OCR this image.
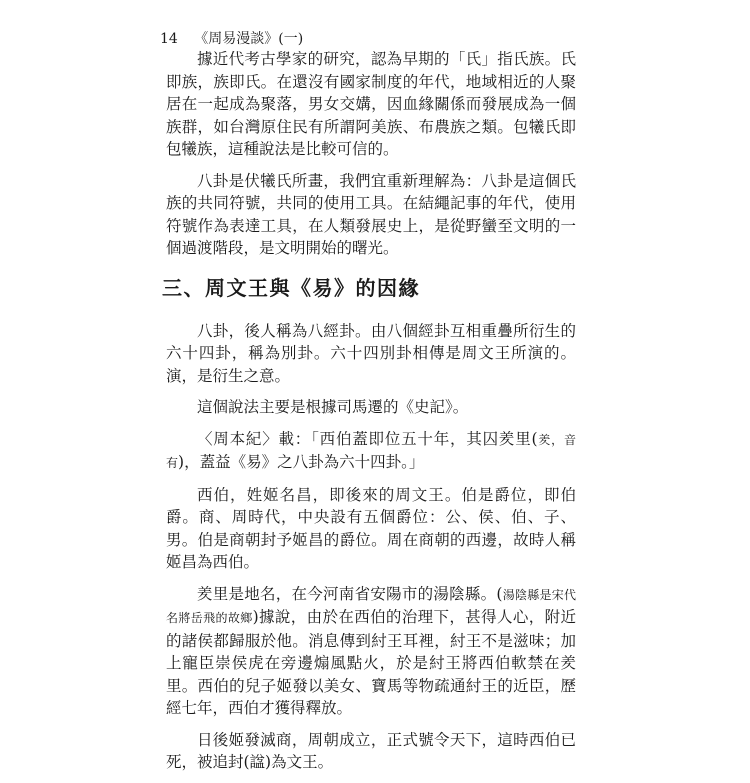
14 《周易漫談》(一)

據近代考古學家的研究，認為早期的「氏」指氏族。氏即族，族即氏。在還沒有國家制度的年代，地域相近的人聚居在一起成為聚落，男女交媾，因血緣關係而發展成為一個族群，如台灣原住民有所謂阿美族、布農族之類。包犧氏即包犧族，這種說法是比較可信的。

八卦是伏犧氏所畫，我們宜重新理解為：八卦是這個氏族的共同符號，共同的使用工具。在結繩記事的年代，使用符號作為表達工具，在人類發展史上，是從野蠻至文明的一個過渡階段，是文明開始的曙光。

三、周文王與《易》的因緣

八卦，後人稱為八經卦。由八個經卦互相重疊所衍生的六十四卦，稱為別卦。六十四別卦相傳是周文王所演的。演，是衍生之意。

這個說法主要是根據司馬遷的《史記》。

〈周本紀〉載：「西伯蓋即位五十年，其囚羑里(羑，音有)，蓋益《易》之八卦為六十四卦。」

西伯，姓姬名昌，即後來的周文王。伯是爵位，即伯爵。商、周時代，中央設有五個爵位：公、侯、伯、子、男。伯是商朝封予姬昌的爵位。周在商朝的西邊，故時人稱姬昌為西伯。

羑里是地名，在今河南省安陽市的湯陰縣。(湯陰縣是宋代名將岳飛的故鄉)據說，由於在西伯的治理下，甚得人心，附近的諸侯都歸服於他。消息傳到紂王耳裡，紂王不是滋味；加上寵臣崇侯虎在旁邊煽風點火，於是紂王將西伯軟禁在羑里。西伯的兒子姬發以美女、寶馬等物疏通紂王的近臣，歷經七年，西伯才獲得釋放。

日後姬發滅商，周朝成立，正式號令天下，這時西伯已死，被追封(諡)為文王。
